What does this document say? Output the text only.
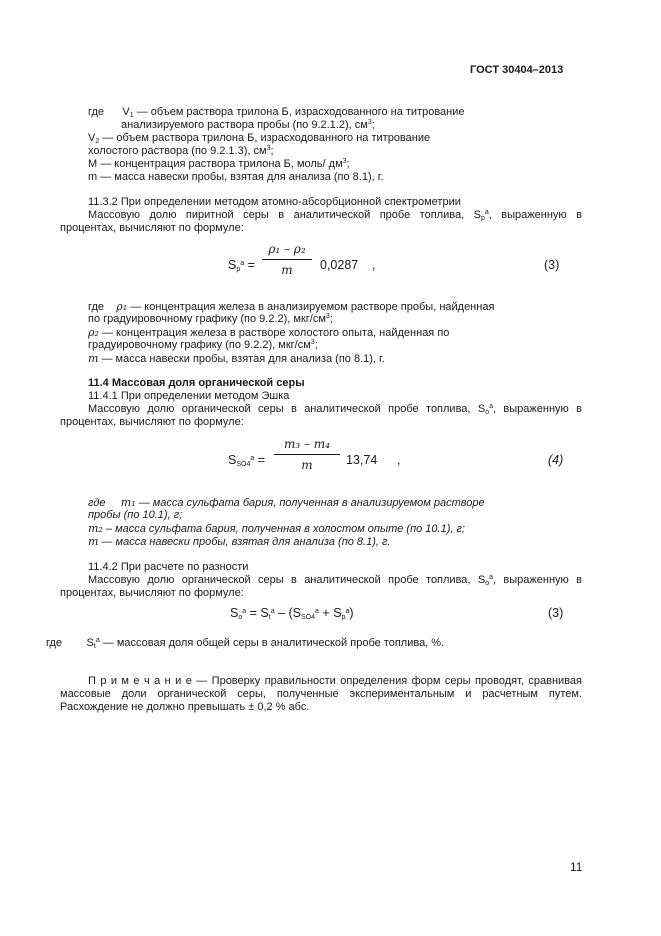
ГОСТ 30404–2013
где $V_1$ — объем раствора трилона Б, израсходованного на титрование
анализируемого раствора пробы (по 9.2.1.2), $см^3$;
$V_2$ — объем раствора трилона Б, израсходованного на титрование
холостого раствора (по 9.2.1.3), $см^3$;
М — концентрация раствора трилона Б, моль/ $дм^3$;
m — масса навески пробы, взятая для анализа (по 8.1), г.
11.3.2 При определении методом атомно-абсорбционной спектрометрии
Массовую долю пиритной серы в аналитической пробе топлива, $S_p^a$, выраженную в
процентах, вычисляют по формуле:
$S_p^a$ =
ρ₁ – ρ₂
m	0,0287 ,	(3)
где ρ₁ — концентрация железа в анализируемом растворе пробы, найденная
по градуировочному графику (по 9.2.2), мкг/$см^3$;
ρ₂ — концентрация железа в растворе холостого опыта, найденная по
градуировочному графику (по 9.2.2), мкг/$см^3$;
m — масса навески пробы, взятая для анализа (по 8.1), г.
11.4 Массовая доля органической серы
11.4.1 При определении методом Эшка
Массовую долю органической серы в аналитической пробе топлива, $S_o^a$, выраженную в
процентах, вычисляют по формуле:
$S_{SO4}^a$ =
m₃ – m₄
m	13,74 ,	(4)
где m₁ — масса сульфата бария, полученная в анализируемом растворе
пробы (по 10.1), г;
m₂ – масса сульфата бария, полученная в холостом опыте (по 10.1), г;
m — масса навески пробы, взятая для анализа (по 8.1), г.
11.4.2 При расчете по разности
Массовую долю органической серы в аналитической пробе топлива, $S_o^a$, выраженную в
процентах, вычисляют по формуле:
$S_o^a = S_t^a - (S_{SO4}^a + S_p^a)$	(3)
где $S_t^a$ — массовая доля общей серы в аналитической пробе топлива, %.
П р и м е ч а н и е — Проверку правильности определения форм серы проводят, сравнивая
массовые доли органической серы, полученные экспериментальным и расчетным путем.
Расхождение не должно превышать ± 0,2 % абс.
11
